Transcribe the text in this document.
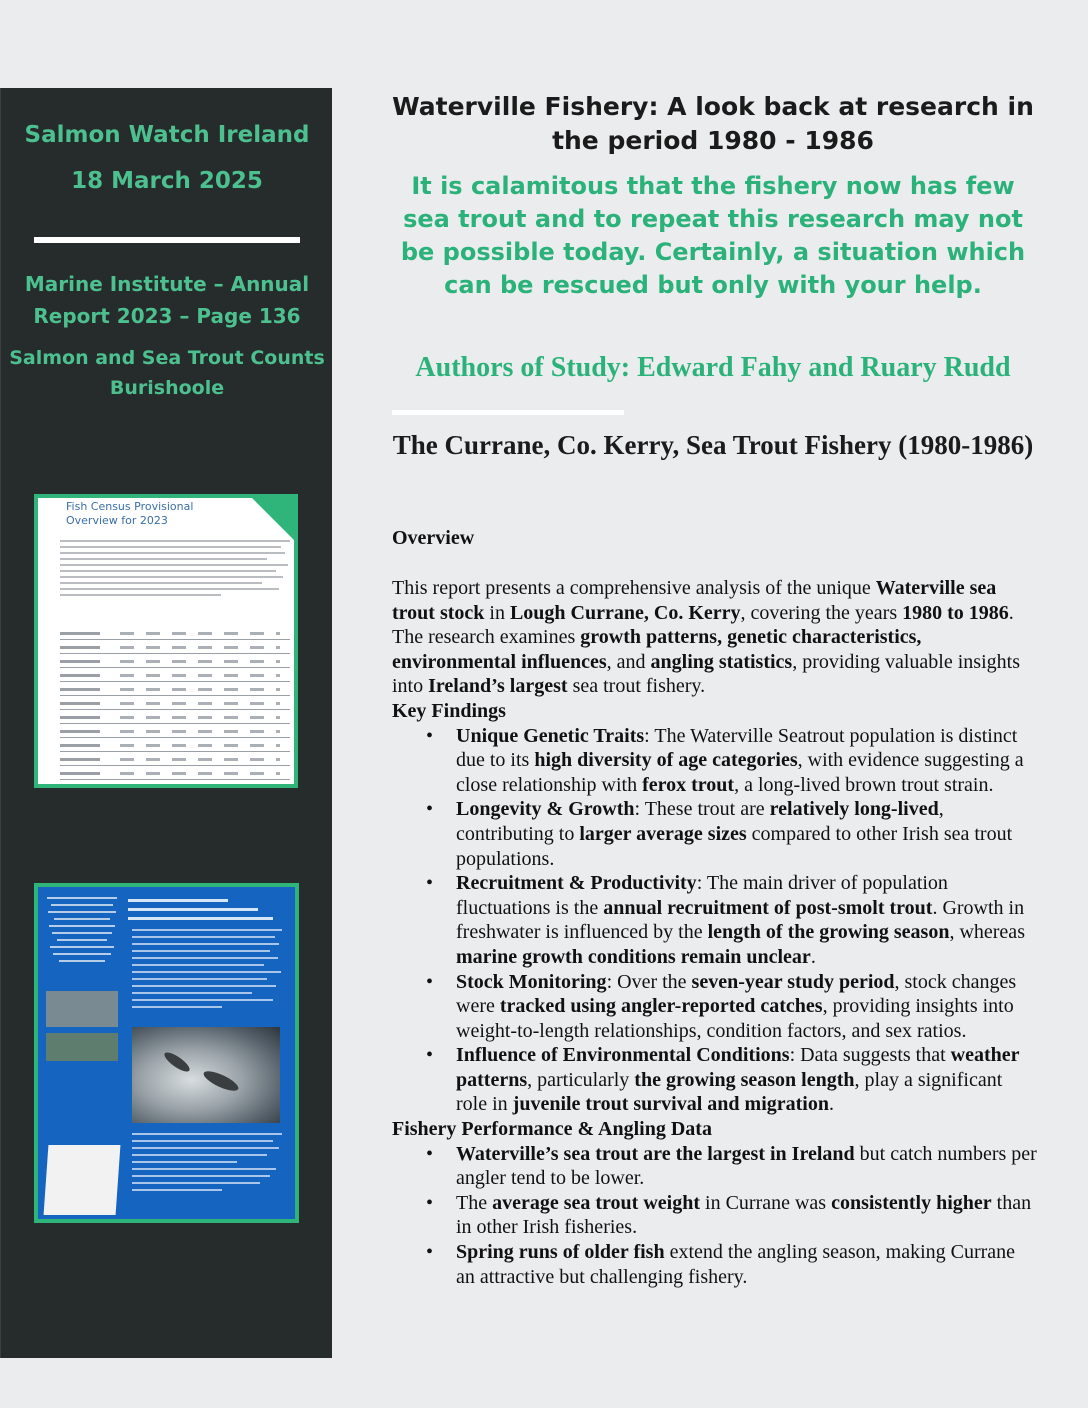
Salmon Watch Ireland
18 March 2025
Marine Institute – Annual Report 2023 – Page 136
Salmon and Sea Trout Counts Burishoole
Fish Census Provisional Overview for 2023
Waterville Fishery: A look back at research in the period 1980 - 1986
It is calamitous that the fishery now has few sea trout and to repeat this research may not be possible today. Certainly, a situation which can be rescued but only with your help.
Authors of Study: Edward Fahy and Ruary Rudd
The Currane, Co. Kerry, Sea Trout Fishery (1980-1986)
Overview

This report presents a comprehensive analysis of the unique Waterville sea trout stock in Lough Currane, Co. Kerry, covering the years 1980 to 1986. The research examines growth patterns, genetic characteristics, environmental influences, and angling statistics, providing valuable insights into Ireland’s largest sea trout fishery.

Key Findings
• Unique Genetic Traits: The Waterville Seatrout population is distinct due to its high diversity of age categories, with evidence suggesting a close relationship with ferox trout, a long-lived brown trout strain.
• Longevity & Growth: These trout are relatively long-lived, contributing to larger average sizes compared to other Irish sea trout populations.
• Recruitment & Productivity: The main driver of population fluctuations is the annual recruitment of post-smolt trout. Growth in freshwater is influenced by the length of the growing season, whereas marine growth conditions remain unclear.
• Stock Monitoring: Over the seven-year study period, stock changes were tracked using angler-reported catches, providing insights into weight-to-length relationships, condition factors, and sex ratios.
• Influence of Environmental Conditions: Data suggests that weather patterns, particularly the growing season length, play a significant role in juvenile trout survival and migration.
Fishery Performance & Angling Data
• Waterville’s sea trout are the largest in Ireland but catch numbers per angler tend to be lower.
• The average sea trout weight in Currane was consistently higher than in other Irish fisheries.
• Spring runs of older fish extend the angling season, making Currane an attractive but challenging fishery.
